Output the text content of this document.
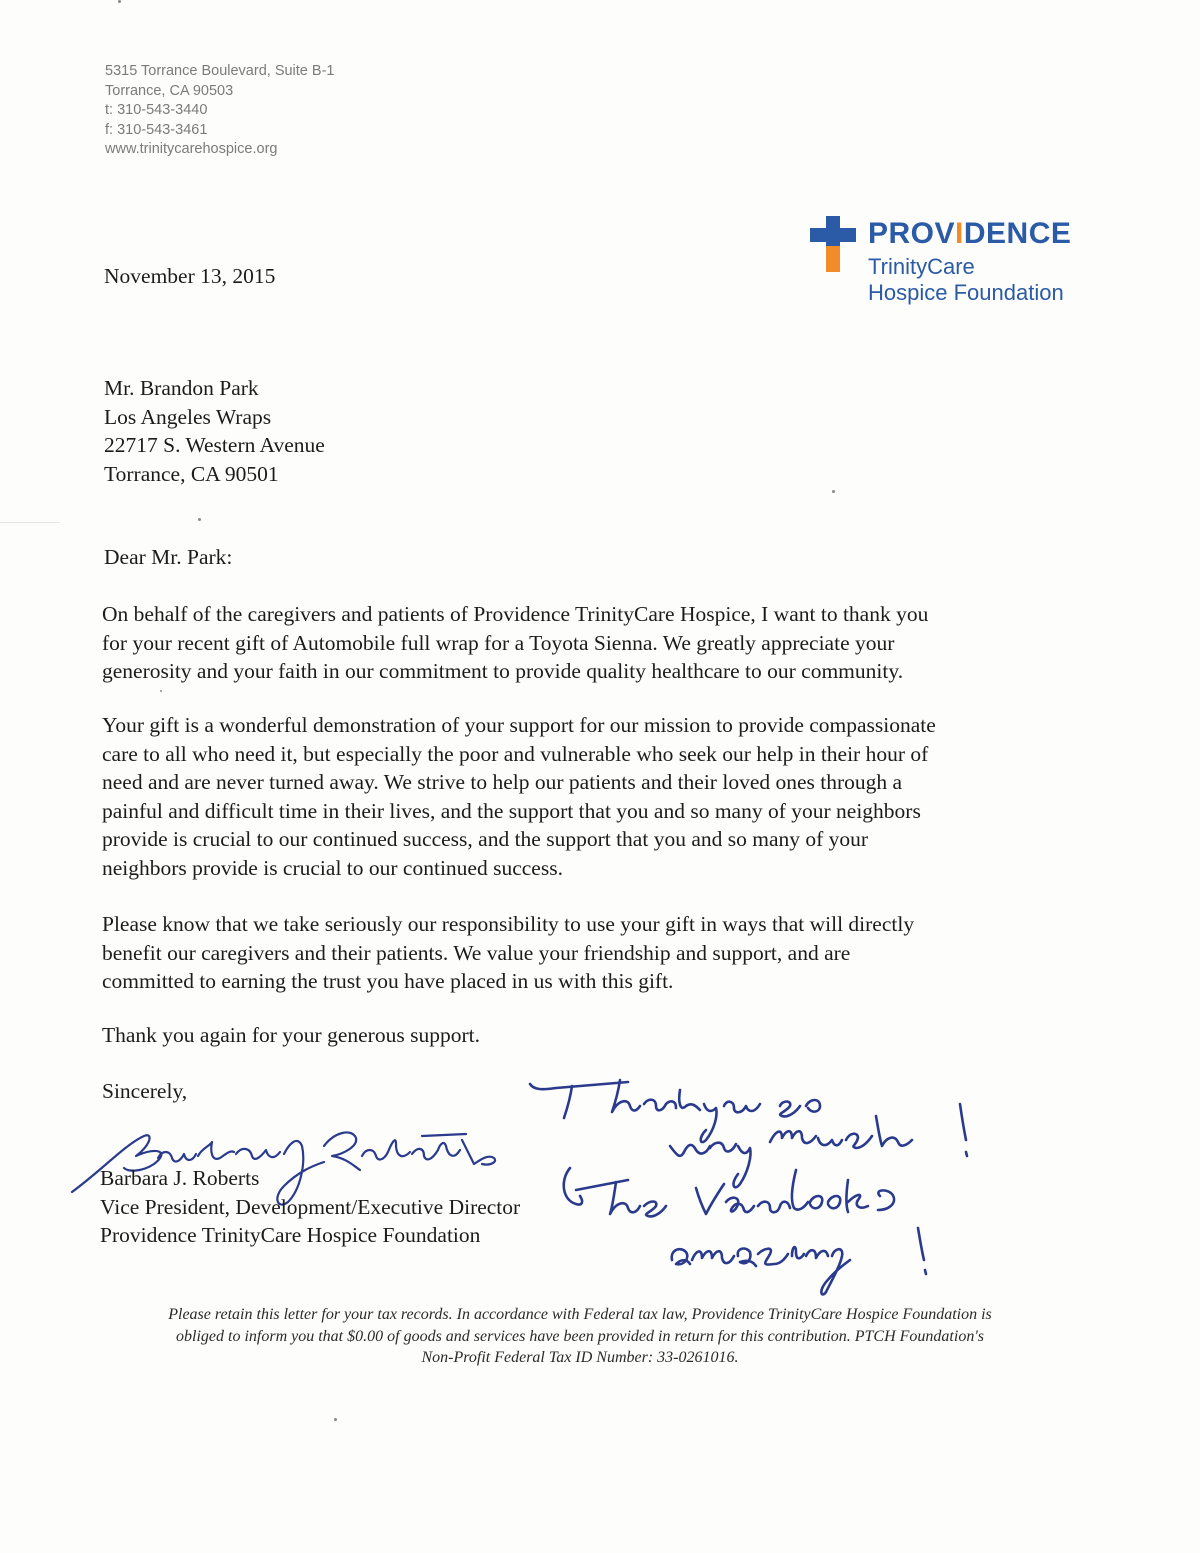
5315 Torrance Boulevard, Suite B-1
Torrance, CA 90503
t: 310-543-3440
f: 310-543-3461
www.trinitycarehospice.org
PROVIDENCE
TrinityCare
Hospice Foundation
November 13, 2015
Mr. Brandon Park
Los Angeles Wraps
22717 S. Western Avenue
Torrance, CA 90501
Dear Mr. Park:
On behalf of the caregivers and patients of Providence TrinityCare Hospice, I want to thank you
for your recent gift of Automobile full wrap for a Toyota Sienna. We greatly appreciate your
generosity and your faith in our commitment to provide quality healthcare to our community.
Your gift is a wonderful demonstration of your support for our mission to provide compassionate
care to all who need it, but especially the poor and vulnerable who seek our help in their hour of
need and are never turned away. We strive to help our patients and their loved ones through a
painful and difficult time in their lives, and the support that you and so many of your neighbors
provide is crucial to our continued success, and the support that you and so many of your
neighbors provide is crucial to our continued success.
Please know that we take seriously our responsibility to use your gift in ways that will directly
benefit our caregivers and their patients. We value your friendship and support, and are
committed to earning the trust you have placed in us with this gift.
Thank you again for your generous support.
Sincerely,
Barbara J. Roberts
Vice President, Development/Executive Director
Providence TrinityCare Hospice Foundation
Please retain this letter for your tax records. In accordance with Federal tax law, Providence TrinityCare Hospice Foundation is
obliged to inform you that $0.00 of goods and services have been provided in return for this contribution. PTCH Foundation's
Non-Profit Federal Tax ID Number: 33-0261016.
